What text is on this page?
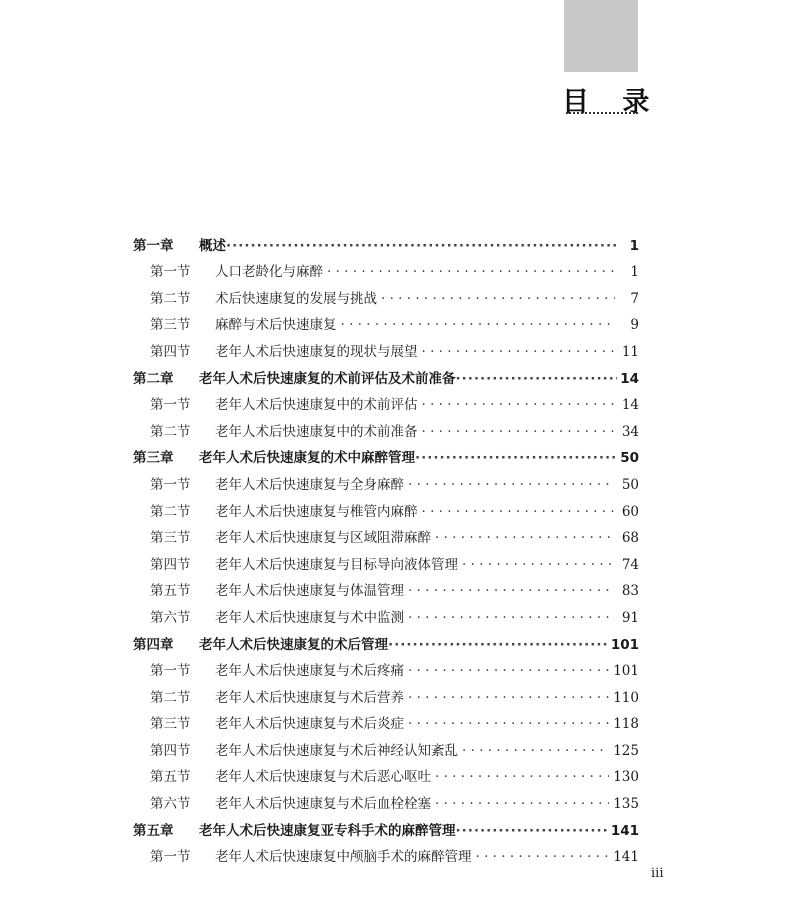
目 录
第一章	概述 ·····	1
第一节	人口老龄化与麻醉 · · ·	1
第二节	术后快速康复的发展与挑战 · · ·	7
第三节	麻醉与术后快速康复 · · ·	9
第四节	老年人术后快速康复的现状与展望 · · ·	11
第二章	老年人术后快速康复的术前评估及术前准备 ·····	14
第一节	老年人术后快速康复中的术前评估 · · ·	14
第二节	老年人术后快速康复中的术前准备 · · ·	34
第三章	老年人术后快速康复的术中麻醉管理 ·····	50
第一节	老年人术后快速康复与全身麻醉 · · ·	50
第二节	老年人术后快速康复与椎管内麻醉 · · ·	60
第三节	老年人术后快速康复与区域阻滞麻醉 · · ·	68
第四节	老年人术后快速康复与目标导向液体管理 · · ·	74
第五节	老年人术后快速康复与体温管理 · · ·	83
第六节	老年人术后快速康复与术中监测 · · ·	91
第四章	老年人术后快速康复的术后管理 ·····	101
第一节	老年人术后快速康复与术后疼痛 · · ·	101
第二节	老年人术后快速康复与术后营养 · · ·	110
第三节	老年人术后快速康复与术后炎症 · · ·	118
第四节	老年人术后快速康复与术后神经认知紊乱 · · ·	125
第五节	老年人术后快速康复与术后恶心呕吐 · · ·	130
第六节	老年人术后快速康复与术后血栓栓塞 · · ·	135
第五章	老年人术后快速康复亚专科手术的麻醉管理 ·····	141
第一节	老年人术后快速康复中颅脑手术的麻醉管理 · · ·	141
iii
